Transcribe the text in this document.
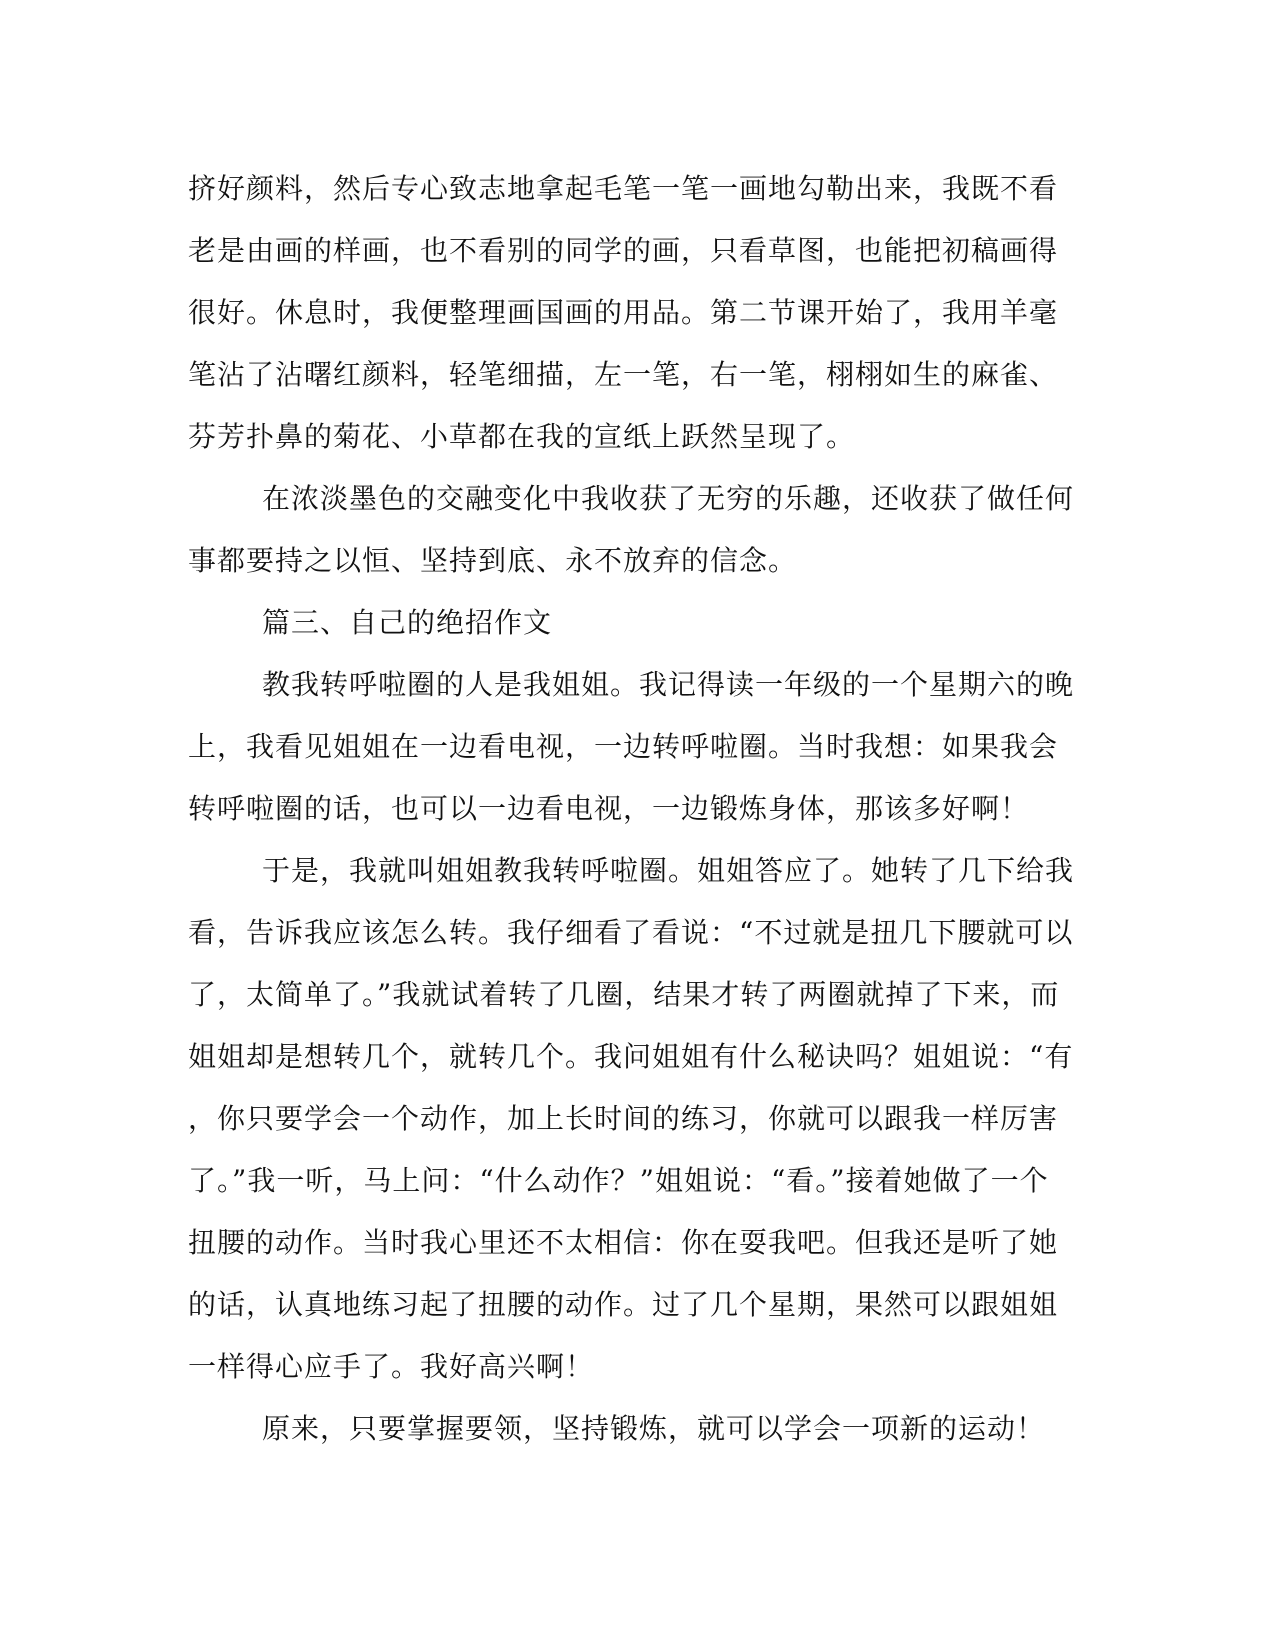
挤好颜料，然后专心致志地拿起毛笔一笔一画地勾勒出来，我既不看
老是由画的样画，也不看别的同学的画，只看草图，也能把初稿画得
很好。休息时，我便整理画国画的用品。第二节课开始了，我用羊毫
笔沾了沾曙红颜料，轻笔细描，左一笔，右一笔，栩栩如生的麻雀、
芬芳扑鼻的菊花、小草都在我的宣纸上跃然呈现了。
在浓淡墨色的交融变化中我收获了无穷的乐趣，还收获了做任何
事都要持之以恒、坚持到底、永不放弃的信念。
篇三、自己的绝招作文
教我转呼啦圈的人是我姐姐。我记得读一年级的一个星期六的晚
上，我看见姐姐在一边看电视，一边转呼啦圈。当时我想：如果我会
转呼啦圈的话，也可以一边看电视，一边锻炼身体，那该多好啊！
于是，我就叫姐姐教我转呼啦圈。姐姐答应了。她转了几下给我
看，告诉我应该怎么转。我仔细看了看说：“不过就是扭几下腰就可以
了，太简单了。”我就试着转了几圈，结果才转了两圈就掉了下来，而
姐姐却是想转几个，就转几个。我问姐姐有什么秘诀吗？姐姐说：“有
，你只要学会一个动作，加上长时间的练习，你就可以跟我一样厉害
了。”我一听，马上问：“什么动作？”姐姐说：“看。”接着她做了一个
扭腰的动作。当时我心里还不太相信：你在耍我吧。但我还是听了她
的话，认真地练习起了扭腰的动作。过了几个星期，果然可以跟姐姐
一样得心应手了。我好高兴啊！
原来，只要掌握要领，坚持锻炼，就可以学会一项新的运动！
